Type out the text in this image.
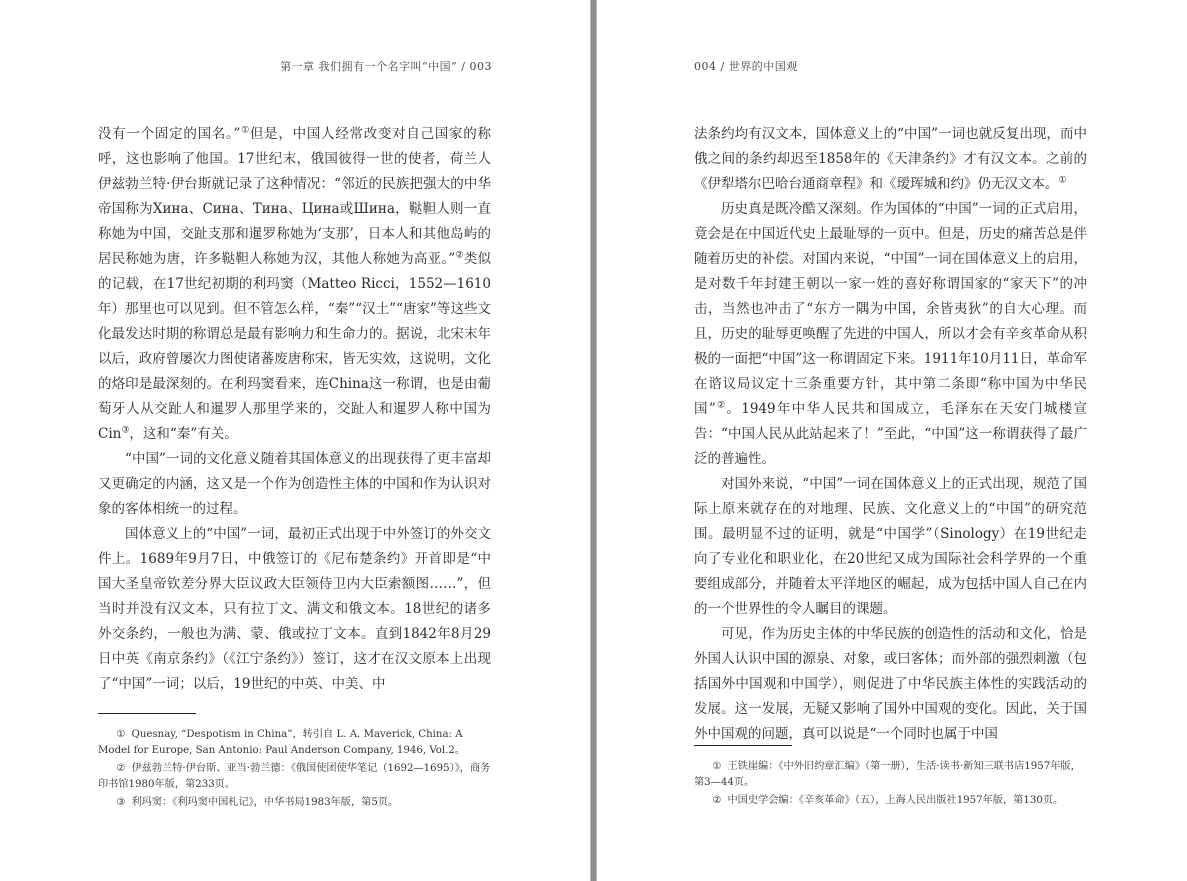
第一章 我们拥有一个名字叫“中国” / 003

没有一个固定的国名。”①但是，中国人经常改变对自己国家的称呼，这也影响了他国。17世纪末，俄国彼得一世的使者，荷兰人伊兹勃兰特·伊台斯就记录了这种情况：“邻近的民族把强大的中华帝国称为Хина、Сина、Тина、Цина或Шина，鞑靼人则一直称她为中国，交趾支那和暹罗称她为‘支那’，日本人和其他岛屿的居民称她为唐，许多鞑靼人称她为汉，其他人称她为高亚。”②类似的记载，在17世纪初期的利玛窦（Matteo Ricci，1552—1610年）那里也可以见到。但不管怎么样，“秦”“汉土”“唐家”等这些文化最发达时期的称谓总是最有影响力和生命力的。据说，北宋末年以后，政府曾屡次力图使诸蕃废唐称宋，皆无实效，这说明，文化的烙印是最深刻的。在利玛窦看来，连China这一称谓，也是由葡萄牙人从交趾人和暹罗人那里学来的，交趾人和暹罗人称中国为Cin③，这和“秦”有关。

“中国”一词的文化意义随着其国体意义的出现获得了更丰富却又更确定的内涵，这又是一个作为创造性主体的中国和作为认识对象的客体相统一的过程。

国体意义上的“中国”一词，最初正式出现于中外签订的外交文件上。1689年9月7日，中俄签订的《尼布楚条约》开首即是“中国大圣皇帝钦差分界大臣议政大臣领侍卫内大臣索额图……”，但当时并没有汉文本，只有拉丁文、满文和俄文本。18世纪的诸多外交条约，一般也为满、蒙、俄或拉丁文本。直到1842年8月29日中英《南京条约》（《江宁条约》）签订，这才在汉文原本上出现了“中国”一词；以后，19世纪的中英、中美、中

① Quesnay, “Despotism in China”，转引自 L. A. Maverick, China: A Model for Europe, San Antonio: Paul Anderson Company, 1946, Vol.2。

② 伊兹勃兰特·伊台斯、亚当·勃兰德：《俄国使团使华笔记（1692—1695）》，商务印书馆1980年版，第233页。

③ 利玛窦：《利玛窦中国札记》，中华书局1983年版，第5页。

004 / 世界的中国观

法条约均有汉文本，国体意义上的“中国”一词也就反复出现，而中俄之间的条约却迟至1858年的《天津条约》才有汉文本。之前的《伊犁塔尔巴哈台通商章程》和《瑷珲城和约》仍无汉文本。①

历史真是既冷酷又深刻。作为国体的“中国”一词的正式启用，竟会是在中国近代史上最耻辱的一页中。但是，历史的痛苦总是伴随着历史的补偿。对国内来说，“中国”一词在国体意义上的启用，是对数千年封建王朝以一家一姓的喜好称谓国家的“家天下”的冲击，当然也冲击了“东方一隅为中国，余皆夷狄”的自大心理。而且，历史的耻辱更唤醒了先进的中国人，所以才会有辛亥革命从积极的一面把“中国”这一称谓固定下来。1911年10月11日，革命军在谘议局议定十三条重要方针，其中第二条即“称中国为中华民国”②。1949年中华人民共和国成立，毛泽东在天安门城楼宣告：“中国人民从此站起来了！”至此，“中国”这一称谓获得了最广泛的普遍性。

对国外来说，“中国”一词在国体意义上的正式出现，规范了国际上原来就存在的对地理、民族、文化意义上的“中国”的研究范围。最明显不过的证明，就是“中国学”（Sinology）在19世纪走向了专业化和职业化，在20世纪又成为国际社会科学界的一个重要组成部分，并随着太平洋地区的崛起，成为包括中国人自己在内的一个世界性的令人瞩目的课题。

可见，作为历史主体的中华民族的创造性的活动和文化，恰是外国人认识中国的源泉、对象，或曰客体；而外部的强烈刺激（包括国外中国观和中国学），则促进了中华民族主体性的实践活动的发展。这一发展，无疑又影响了国外中国观的变化。因此，关于国外中国观的问题，真可以说是“一个同时也属于中国

① 王铁崖编：《中外旧约章汇编》（第一册），生活·读书·新知三联书店1957年版，第3—44页。

② 中国史学会编：《辛亥革命》（五），上海人民出版社1957年版，第130页。
